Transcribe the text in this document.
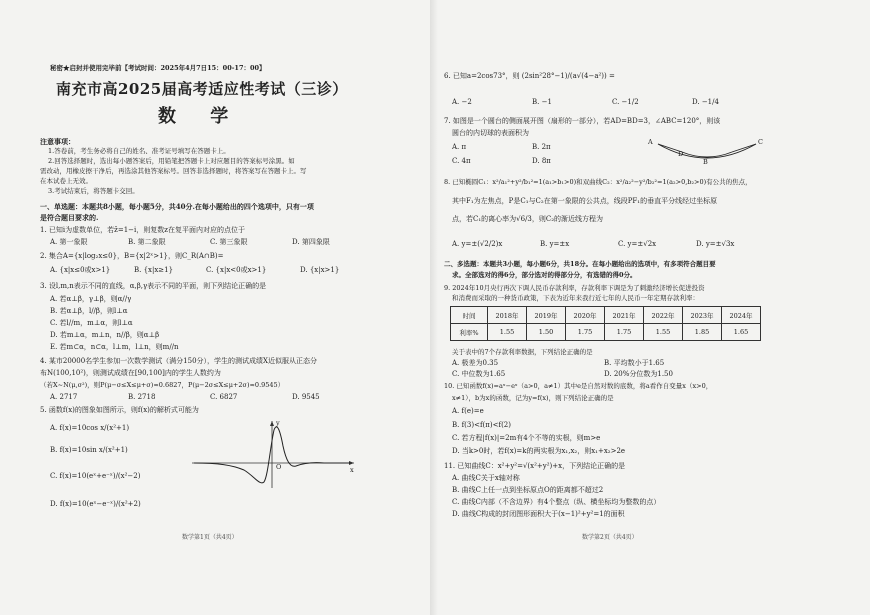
秘密★启封并使用完毕前【考试时间：2025年4月7日15：00-17：00】
南充市高2025届高考适应性考试（三诊）
数 学
注意事项：
1.答卷前，考生务必将自己的姓名、准考证号填写在答题卡上。
2.回答选择题时，选出每小题答案后，用铅笔把答题卡上对应题目的答案标号涂黑。如
需改动，用橡皮擦干净后，再选涂其他答案标号。回答非选择题时，将答案写在答题卡上。写
在本试卷上无效。
3.考试结束后，将答题卡交回。
一、单选题：本题共8小题，每小题5分，共40分.在每小题给出的四个选项中，只有一项
是符合题目要求的.
1. 已知i为虚数单位，若z̄=1−i，则复数z在复平面内对应的点位于
A. 第一象限	B. 第二象限	C. 第三象限	D. 第四象限
2. 集合A={x|log₂x≤0}，B={x|2ˣ>1}，则C_R(A∩B)=
A. {x|x≤0或x>1}	B. {x|x≥1}	C. {x|x<0或x>1}	D. {x|x>1}
3. 设l,m,n表示不同的直线，α,β,γ表示不同的平面，则下列结论正确的是
A. 若α⊥β，γ⊥β，则α//γ
B. 若α⊥β，l//β，则l⊥α
C. 若l//m，m⊥α，则l⊥α
D. 若m⊥α，m⊥n，n//β，则α⊥β
E. 若m⊂α，n⊂α，l⊥m，l⊥n，则m//n
4. 某市20000名学生参加一次数学测试（满分150分），学生的测试成绩X近似服从正态分
布N(100,10²)，则测试成绩在[90,100]内的学生人数约为
（若X~N(μ,σ²)，则P(μ−σ≤X≤μ+σ)≈0.6827，P(μ−2σ≤X≤μ+2σ)≈0.9545）
A. 2717	B. 2718	C. 6827	D. 9545
5. 函数f(x)的图象如图所示，则f(x)的解析式可能为
A. f(x)=10cos x/(x²+1)
B. f(x)=10sin x/(x²+1)
C. f(x)=10(eˣ+e⁻ˣ)/(x²−2)
D. f(x)=10(eˣ−e⁻ˣ)/(x²+2)
O	x
y
数学第1页（共4页）
6. 已知a=2cos73°，则 (2sin²28°−1)/(a√(4−a²)) =
A. −2	B. −1	C. −1/2	D. −1/4
7. 如图是一个圆台的侧面展开图（扇形的一部分），若AD=BD=3，∠ABC=120°，则该
圆台的内切球的表面积为
A. π	B. 2π
C. 4π	D. 8π
A
B
C
D
8. 已知椭圆C₁：x²/a₁²+y²/b₁²=1(a₁>b₁>0)和双曲线C₂：x²/a₂²−y²/b₂²=1(a₂>0,b₂>0)有公共的焦点，
其中F₁为左焦点，P是C₁与C₂在第一象限的公共点，线段PF₁的垂直平分线经过坐标原
点，若C₁的离心率为√6/3，则C₂的渐近线方程为
A. y=±(√2/2)x	B. y=±x	C. y=±√2x	D. y=±√3x
二、多选题：本题共3小题，每小题6分，共18分。在每小题给出的选项中，有多项符合题目要
求。全部选对的得6分，部分选对的得部分分，有选错的得0分。
9. 2024年10月央行再次下调人民币存款利率，存款利率下调是为了刺激经济增长促进投资
和消费而采取的一种货币政策，下表为近年来我行近七年的人民币一年定期存款利率：
时间	2018年	2019年	2020年	2021年	2022年	2023年	2024年
利率%	1.55	1.50	1.75	1.75	1.55	1.85	1.65
关于表中的7个存款利率数据，下列结论正确的是
A. 极差为0.35	B. 平均数小于1.65
C. 中位数为1.65	D. 20%分位数为1.50
10. 已知函数f(x)=aˣ−eˣ（a>0，a≠1）其中e是自然对数的底数，将a看作自变量x（x>0，
x≠1），b为x的函数，记为y=f(x)，则下列结论正确的是
A. f(e)=e
B. f(3)<f(π)<f(2)
C. 若方程|f(x)|=2m有4个不等的实根，则m>e
D. 当k>0时，若f(x)=k的两实根为x₁,x₂，则x₁+x₂>2e
11. 已知曲线C：x²+y²=√(x²+y²)+x，下列结论正确的是
A. 曲线C关于x轴对称
B. 曲线C上任一点到坐标原点O的距离都不超过2
C. 曲线C内部（不含边界）有4个整点（纵、横坐标均为整数的点）
D. 曲线C构成的封闭图形面积大于(x−1)²+y²=1的面积
数学第2页（共4页）
